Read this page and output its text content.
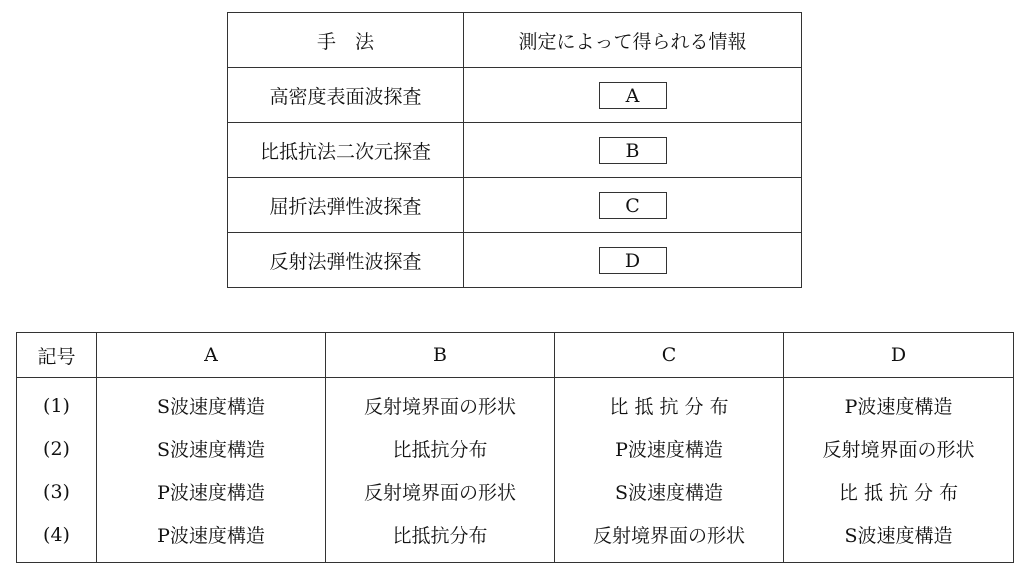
手　法	測定によって得られる情報
高密度表面波探査	A
比抵抗法二次元探査	B
屈折法弾性波探査	C
反射法弾性波探査	D
記号	A	B	C	D
(1)	S波速度構造	反射境界面の形状	比 抵 抗 分 布	P波速度構造
(2)	S波速度構造	比抵抗分布	P波速度構造	反射境界面の形状
(3)	P波速度構造	反射境界面の形状	S波速度構造	比 抵 抗 分 布
(4)	P波速度構造	比抵抗分布	反射境界面の形状	S波速度構造
